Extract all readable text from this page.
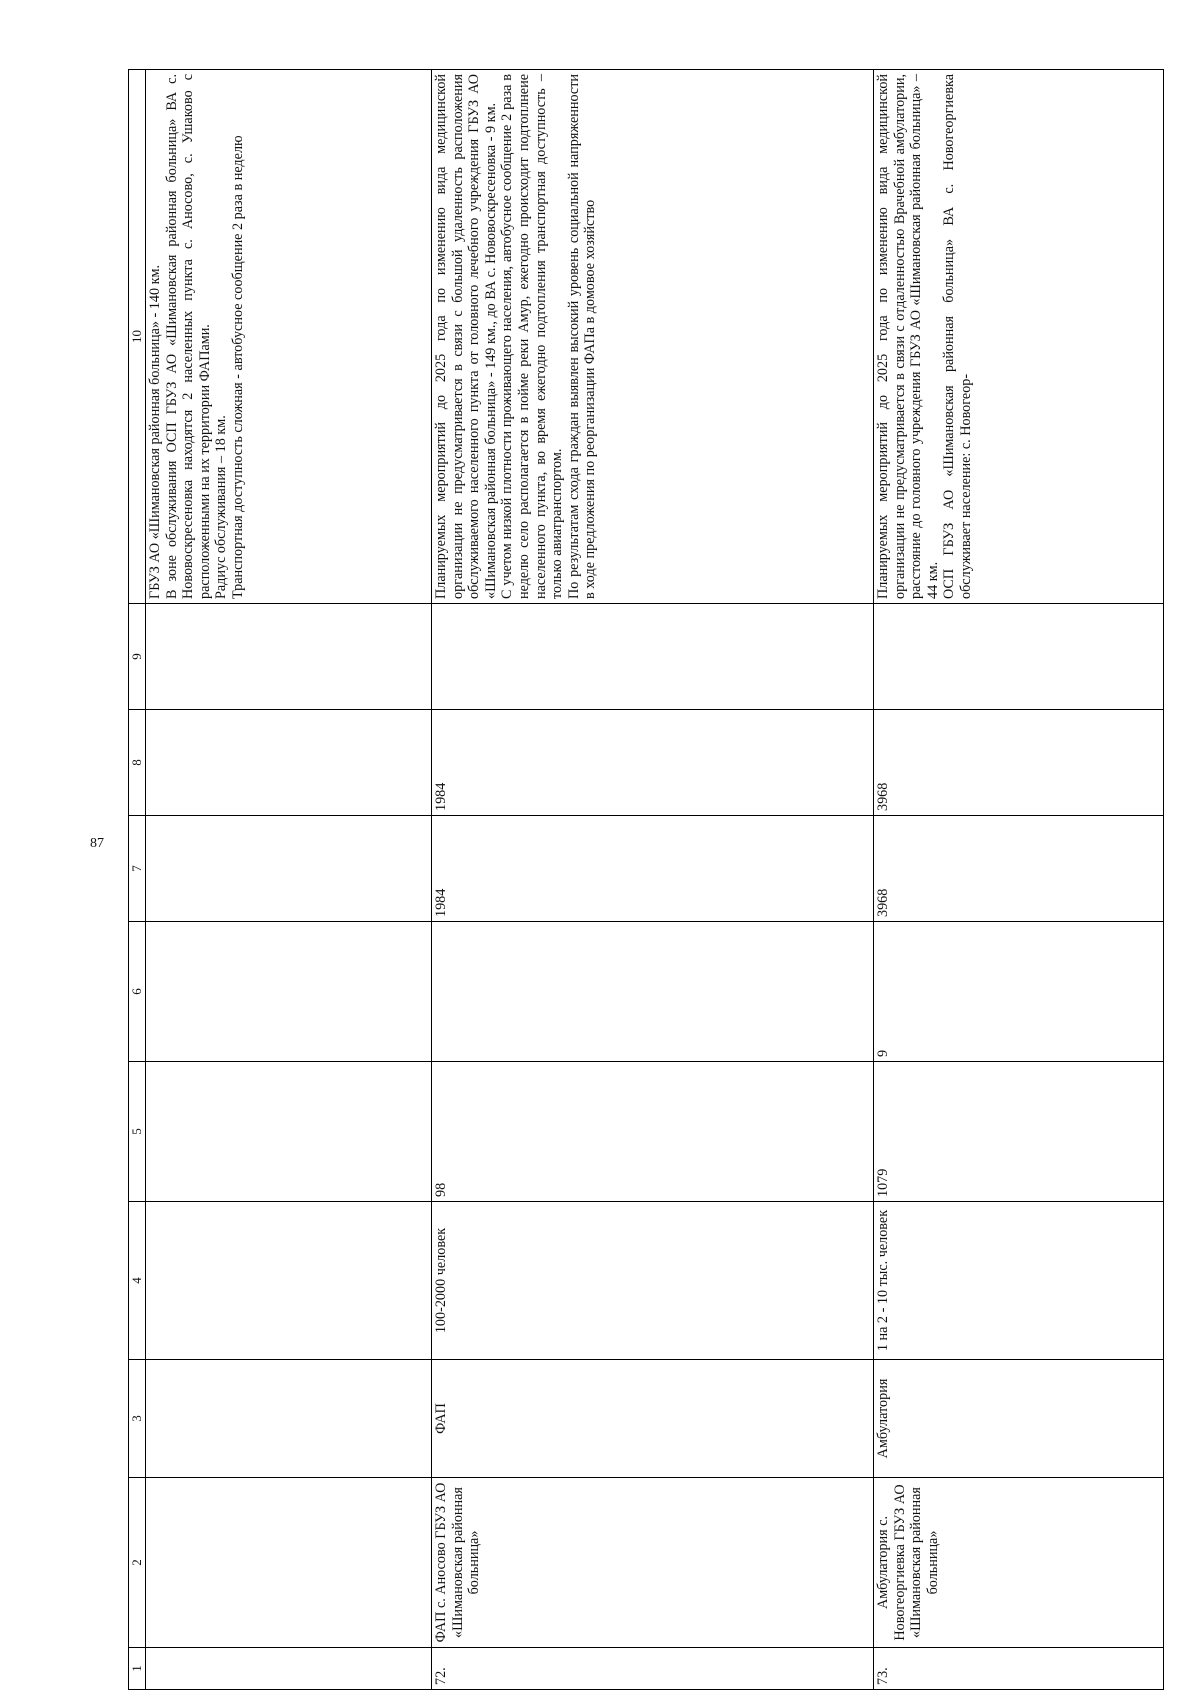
87
1	2	3	4	5	6	7	8	9	10

									ГБУЗ АО «Шимановская районная больница» - 140 км. В зоне обслуживания ОСП ГБУЗ АО «Шимановская районная больница» ВА с. Нововоскресеновка находятся 2 населенных пункта с. Аносово, с. Ушаково с расположенными на их территории ФАПами. Радиус обслуживания – 18 км. Транспортная доступность сложная - автобусное сообщение 2 раза в неделю

72.	ФАП с. Аносово ГБУЗ АО «Шимановская районная больница»	ФАП	100-2000 человек	98		1984	1984		Планируемых мероприятий до 2025 года по изменению вида медицинской организации не предусматривается в связи с большой удаленность расположения обслуживаемого населенного пункта от головного лечебного учреждения ГБУЗ АО «Шимановская районная больница» - 149 км., до ВА с. Нововоскресеновка - 9 км. С учетом низкой плотности проживающего населения, автобусное сообщение 2 раза в неделю село располагается в пойме реки Амур, ежегодно происходит подтоплнеие населенного пункта, во время ежегодно подтопления транспортная доступность – только авиатранспортом. По результатам схода граждан выявлен высокий уровень социальной напряженности в ходе предложения по реорганизации ФАПа в домовое хозяйство

73.	Амбулатория с. Новогеоргиевка ГБУЗ АО «Шимановская районная больница»	Амбулатория	1 на 2 - 10 тыс. человек	1079	9	3968	3968		Планируемых мероприятий до 2025 года по изменению вида медицинской организации не предусматривается в связи с отдаленностью Врачебной амбулатории, расстояние до головного учреждения ГБУЗ АО «Шимановская районная больница» – 44 км. ОСП ГБУЗ АО «Шимановская районная больница» ВА с. Новогеоргиевка обслуживает население: с. Новогеор-
